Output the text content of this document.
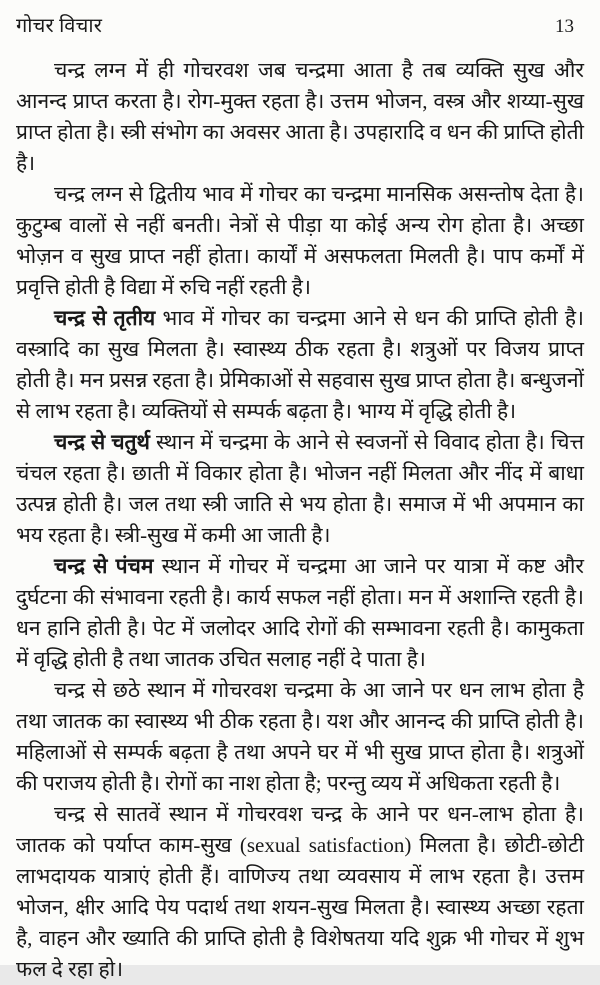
गोचर विचार	13

चन्द्र लग्न में ही गोचरवश जब चन्द्रमा आता है तब व्यक्ति सुख और आनन्द प्राप्त करता है। रोग-मुक्त रहता है। उत्तम भोजन, वस्त्र और शय्या-सुख प्राप्त होता है। स्त्री संभोग का अवसर आता है। उपहारादि व धन की प्राप्ति होती है।

चन्द्र लग्न से द्वितीय भाव में गोचर का चन्द्रमा मानसिक असन्तोष देता है। कुटुम्ब वालों से नहीं बनती। नेत्रों से पीड़ा या कोई अन्य रोग होता है। अच्छा भोज़न व सुख प्राप्त नहीं होता। कार्यों में असफलता मिलती है। पाप कर्मों में प्रवृत्ति होती है विद्या में रुचि नहीं रहती है।

चन्द्र से तृतीय भाव में गोचर का चन्द्रमा आने से धन की प्राप्ति होती है। वस्त्रादि का सुख मिलता है। स्वास्थ्य ठीक रहता है। शत्रुओं पर विजय प्राप्त होती है। मन प्रसन्न रहता है। प्रेमिकाओं से सहवास सुख प्राप्त होता है। बन्धुजनों से लाभ रहता है। व्यक्तियों से सम्पर्क बढ़ता है। भाग्य में वृद्धि होती है।

चन्द्र से चतुर्थ स्थान में चन्द्रमा के आने से स्वजनों से विवाद होता है। चित्त चंचल रहता है। छाती में विकार होता है। भोजन नहीं मिलता और नींद में बाधा उत्पन्न होती है। जल तथा स्त्री जाति से भय होता है। समाज में भी अपमान का भय रहता है। स्त्री-सुख में कमी आ जाती है।

चन्द्र से पंचम स्थान में गोचर में चन्द्रमा आ जाने पर यात्रा में कष्ट और दुर्घटना की संभावना रहती है। कार्य सफल नहीं होता। मन में अशान्ति रहती है। धन हानि होती है। पेट में जलोदर आदि रोगों की सम्भावना रहती है। कामुकता में वृद्धि होती है तथा जातक उचित सलाह नहीं दे पाता है।

चन्द्र से छठे स्थान में गोचरवश चन्द्रमा के आ जाने पर धन लाभ होता है तथा जातक का स्वास्थ्य भी ठीक रहता है। यश और आनन्द की प्राप्ति होती है। महिलाओं से सम्पर्क बढ़ता है तथा अपने घर में भी सुख प्राप्त होता है। शत्रुओं की पराजय होती है। रोगों का नाश होता है; परन्तु व्यय में अधिकता रहती है।

चन्द्र से सातवें स्थान में गोचरवश चन्द्र के आने पर धन-लाभ होता है। जातक को पर्याप्त काम-सुख (sexual satisfaction) मिलता है। छोटी-छोटी लाभदायक यात्राएं होती हैं। वाणिज्य तथा व्यवसाय में लाभ रहता है। उत्तम भोजन, क्षीर आदि पेय पदार्थ तथा शयन-सुख मिलता है। स्वास्थ्य अच्छा रहता है, वाहन और ख्याति की प्राप्ति होती है विशेषतया यदि शुक्र भी गोचर में शुभ फल दे रहा हो।
